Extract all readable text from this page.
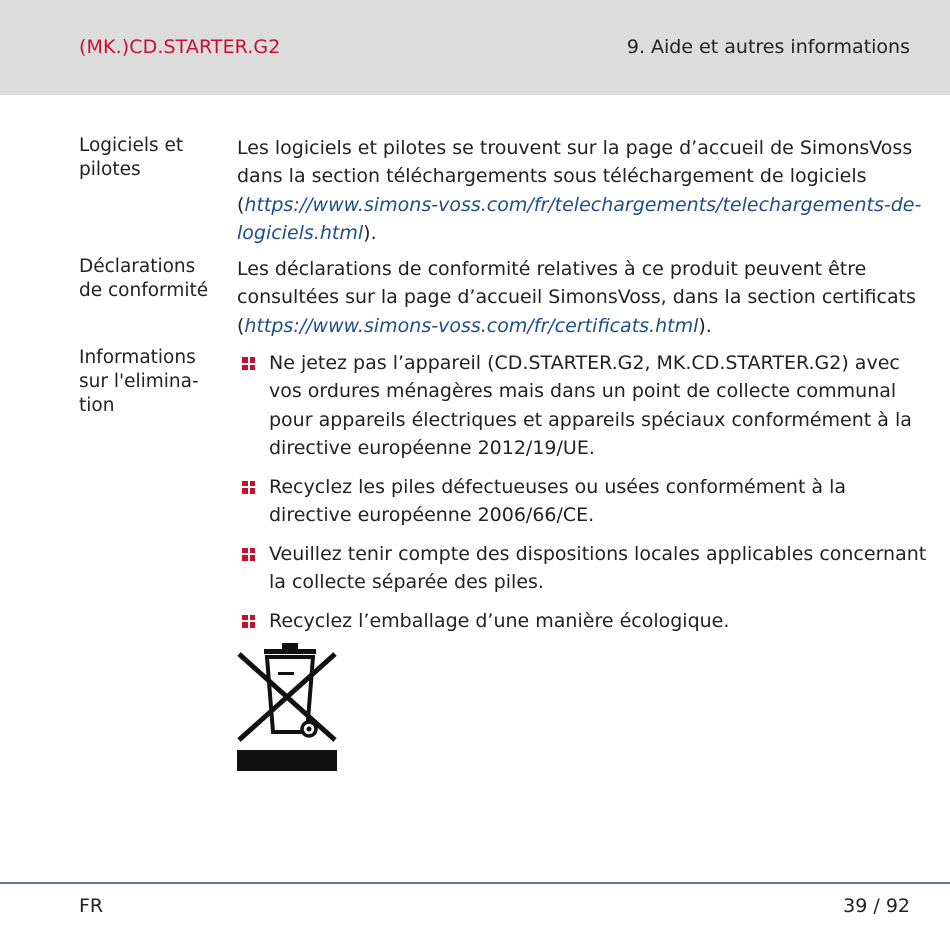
(MK.)CD.STARTER.G2	9. Aide et autres informations
Logiciels et pilotes
Les logiciels et pilotes se trouvent sur la page d’accueil de SimonsVoss dans la section téléchargements sous téléchargement de logiciels (https://www.simons-voss.com/fr/telechargements/telechargements-de-logiciels.html).
Déclarations de conformité
Les déclarations de conformité relatives à ce produit peuvent être consultées sur la page d’accueil SimonsVoss, dans la section certificats (https://www.simons-voss.com/fr/certificats.html).
Informations sur l'elimina-tion
Ne jetez pas l’appareil (CD.STARTER.G2, MK.CD.STARTER.G2) avec vos ordures ménagères mais dans un point de collecte communal pour appareils électriques et appareils spéciaux conformément à la directive européenne 2012/19/UE.
Recyclez les piles défectueuses ou usées conformément à la directive européenne 2006/66/CE.
Veuillez tenir compte des dispositions locales applicables concernant la collecte séparée des piles.
Recyclez l’emballage d’une manière écologique.
FR	39 / 92
